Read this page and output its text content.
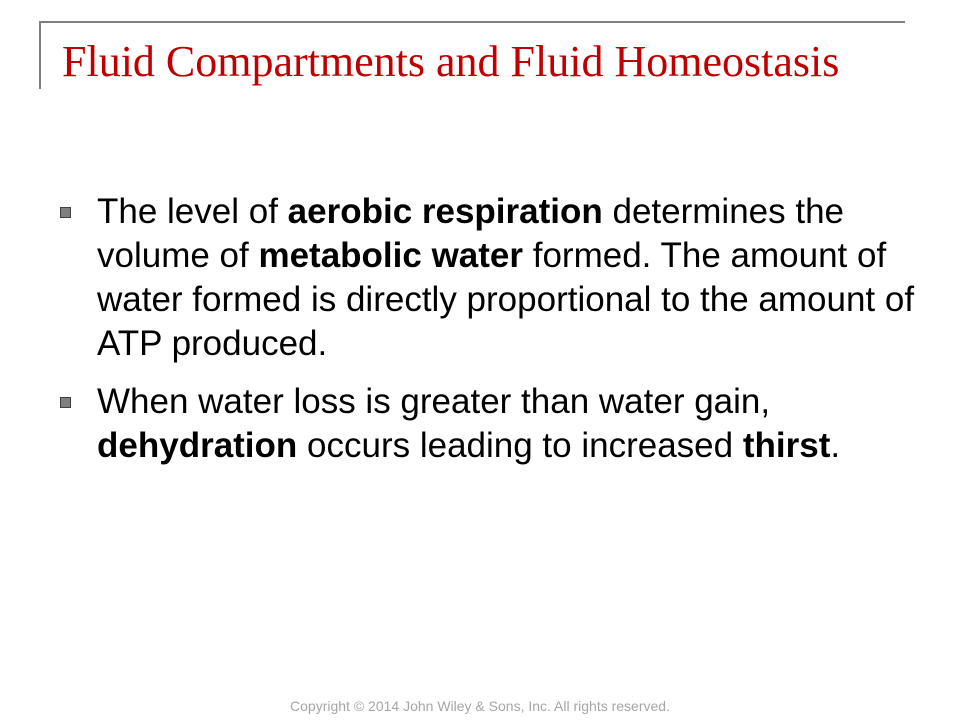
Fluid Compartments and Fluid Homeostasis
The level of aerobic respiration determines the volume of metabolic water formed. The amount of water formed is directly proportional to the amount of ATP produced.
When water loss is greater than water gain, dehydration occurs leading to increased thirst.
Copyright © 2014 John Wiley & Sons, Inc. All rights reserved.
